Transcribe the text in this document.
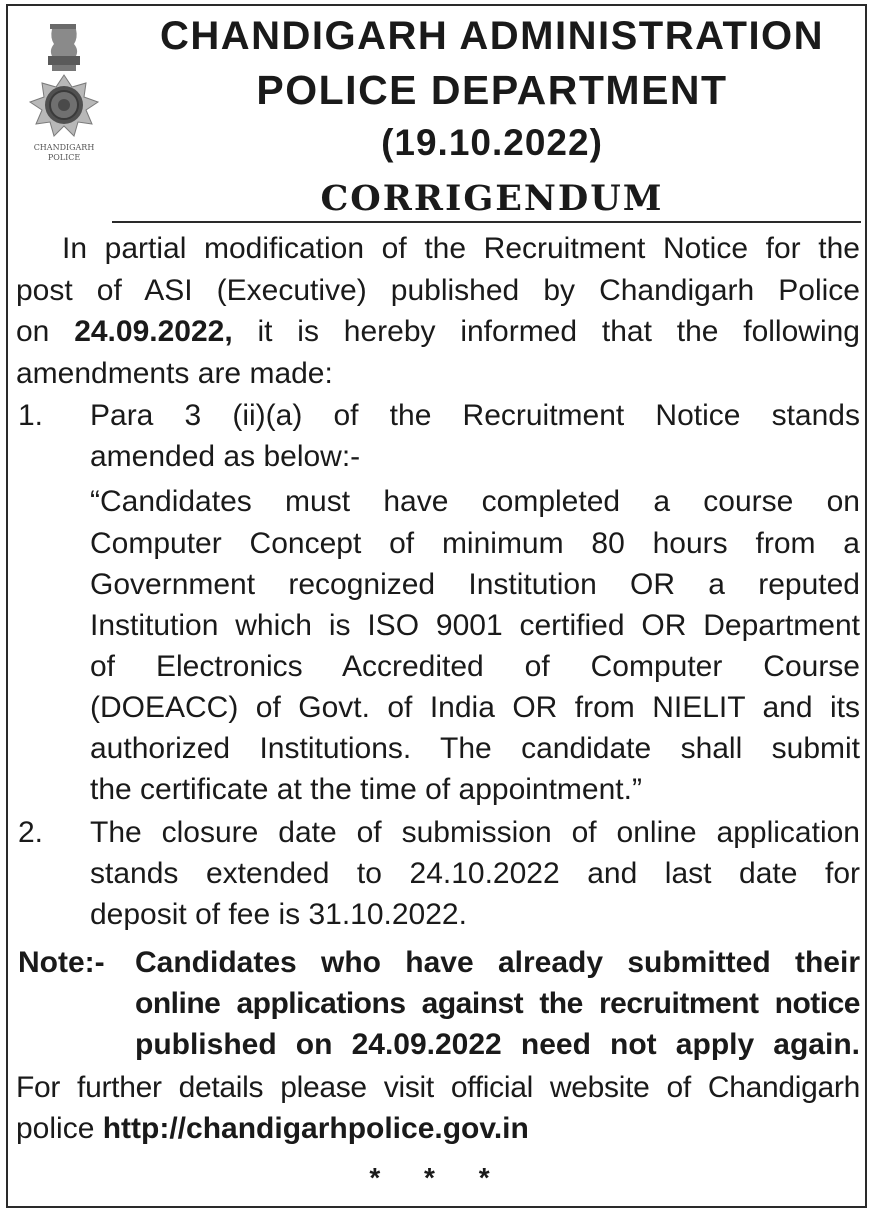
CHANDIGARH
POLICE
CHANDIGARH ADMINISTRATION
POLICE DEPARTMENT
(19.10.2022)
CORRIGENDUM
In partial modification of the Recruitment Notice for the
post of ASI (Executive) published by Chandigarh Police
on 24.09.2022, it is hereby informed that the following
amendments are made:
1. Para 3 (ii)(a) of the Recruitment Notice stands
amended as below:-
“Candidates must have completed a course on
Computer Concept of minimum 80 hours from a
Government recognized Institution OR a reputed
Institution which is ISO 9001 certified OR Department
of Electronics Accredited of Computer Course
(DOEACC) of Govt. of India OR from NIELIT and its
authorized Institutions. The candidate shall submit
the certificate at the time of appointment.”
2. The closure date of submission of online application
stands extended to 24.10.2022 and last date for
deposit of fee is 31.10.2022.
Note:-	Candidates who have already submitted their
online applications against the recruitment notice
published on 24.09.2022 need not apply again.
For further details please visit official website of Chandigarh
police http://chandigarhpolice.gov.in
* * *
